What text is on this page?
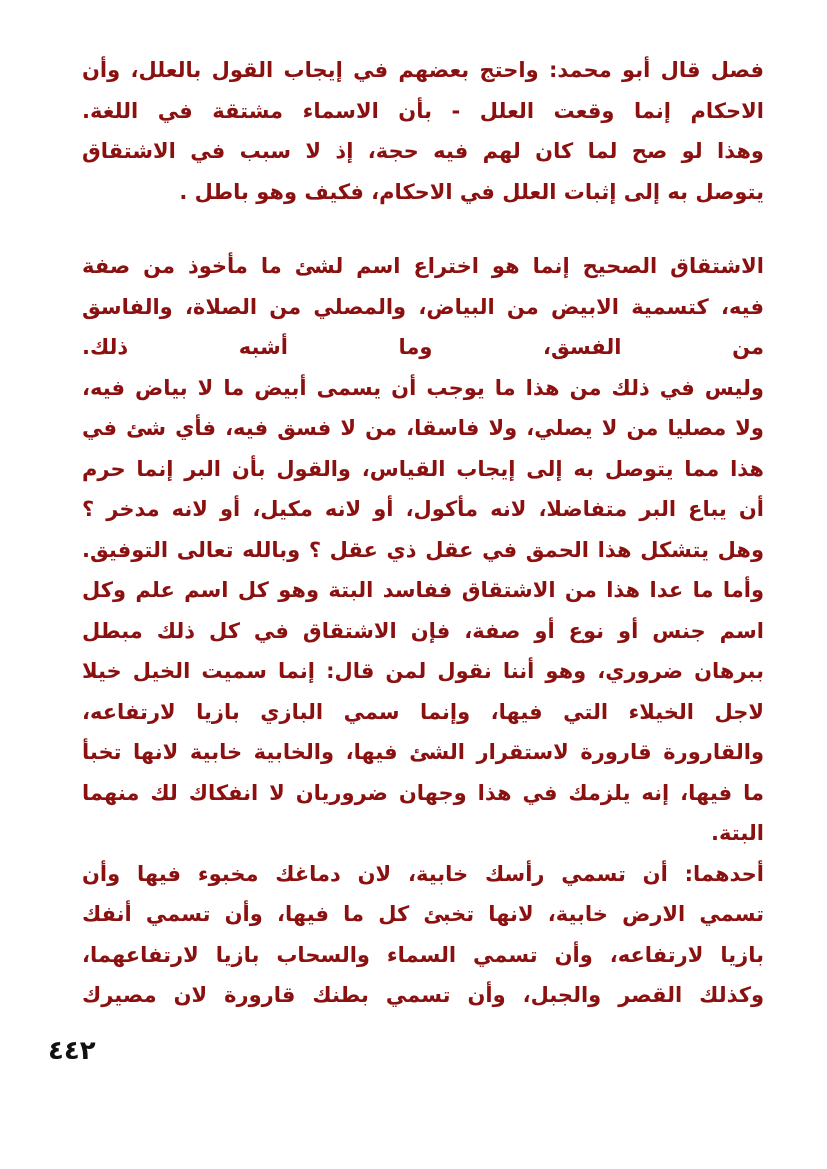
فصل قال أبو محمد: واحتج بعضهم في إيجاب القول بالعلل، وأن
الاحكام إنما وقعت العلل - بأن الاسماء مشتقة في اللغة.
وهذا لو صح لما كان لهم فيه حجة، إذ لا سبب في الاشتقاق
يتوصل به إلى إثبات العلل في الاحكام، فكيف وهو باطل .
الاشتقاق الصحيح إنما هو اختراع اسم لشئ ما مأخوذ من صفة
فيه، كتسمية الابيض من البياض، والمصلي من الصلاة، والفاسق
من الفسق، وما أشبه ذلك.
وليس في ذلك من هذا ما يوجب أن يسمى أبيض ما لا بياض فيه،
ولا مصليا من لا يصلي، ولا فاسقا، من لا فسق فيه، فأي شئ في
هذا مما يتوصل به إلى إيجاب القياس، والقول بأن البر إنما حرم
أن يباع البر متفاضلا، لانه مأكول، أو لانه مكيل، أو لانه مدخر ؟
وهل يتشكل هذا الحمق في عقل ذي عقل ؟ وبالله تعالى التوفيق.
وأما ما عدا هذا من الاشتقاق ففاسد البتة وهو كل اسم علم وكل
اسم جنس أو نوع أو صفة، فإن الاشتقاق في كل ذلك مبطل
ببرهان ضروري، وهو أننا نقول لمن قال: إنما سميت الخيل خيلا
لاجل الخيلاء التي فيها، وإنما سمي البازي بازيا لارتفاعه،
والقارورة قارورة لاستقرار الشئ فيها، والخابية خابية لانها تخبأ
ما فيها، إنه يلزمك في هذا وجهان ضروريان لا انفكاك لك منهما
البتة.
أحدهما: أن تسمي رأسك خابية، لان دماغك مخبوء فيها وأن
تسمي الارض خابية، لانها تخبئ كل ما فيها، وأن تسمي أنفك
بازيا لارتفاعه، وأن تسمي السماء والسحاب بازيا لارتفاعهما،
وكذلك القصر والجبل، وأن تسمي بطنك قارورة لان مصيرك
٤٤٢
